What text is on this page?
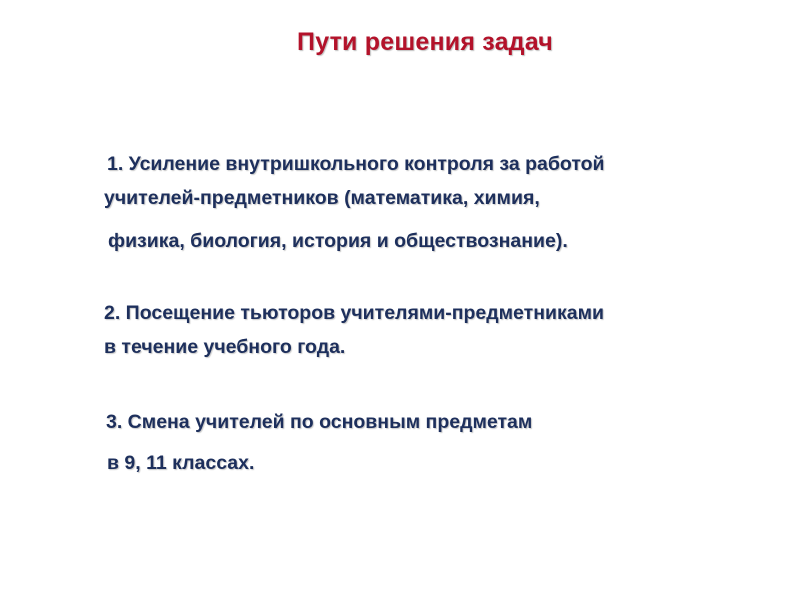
Пути решения задач
1. Усиление внутришкольного контроля за работой
учителей-предметников (математика, химия,
физика, биология, история и обществознание).
2. Посещение тьюторов учителями-предметниками
в течение учебного года.
3. Смена учителей по основным предметам
в 9, 11 классах.
